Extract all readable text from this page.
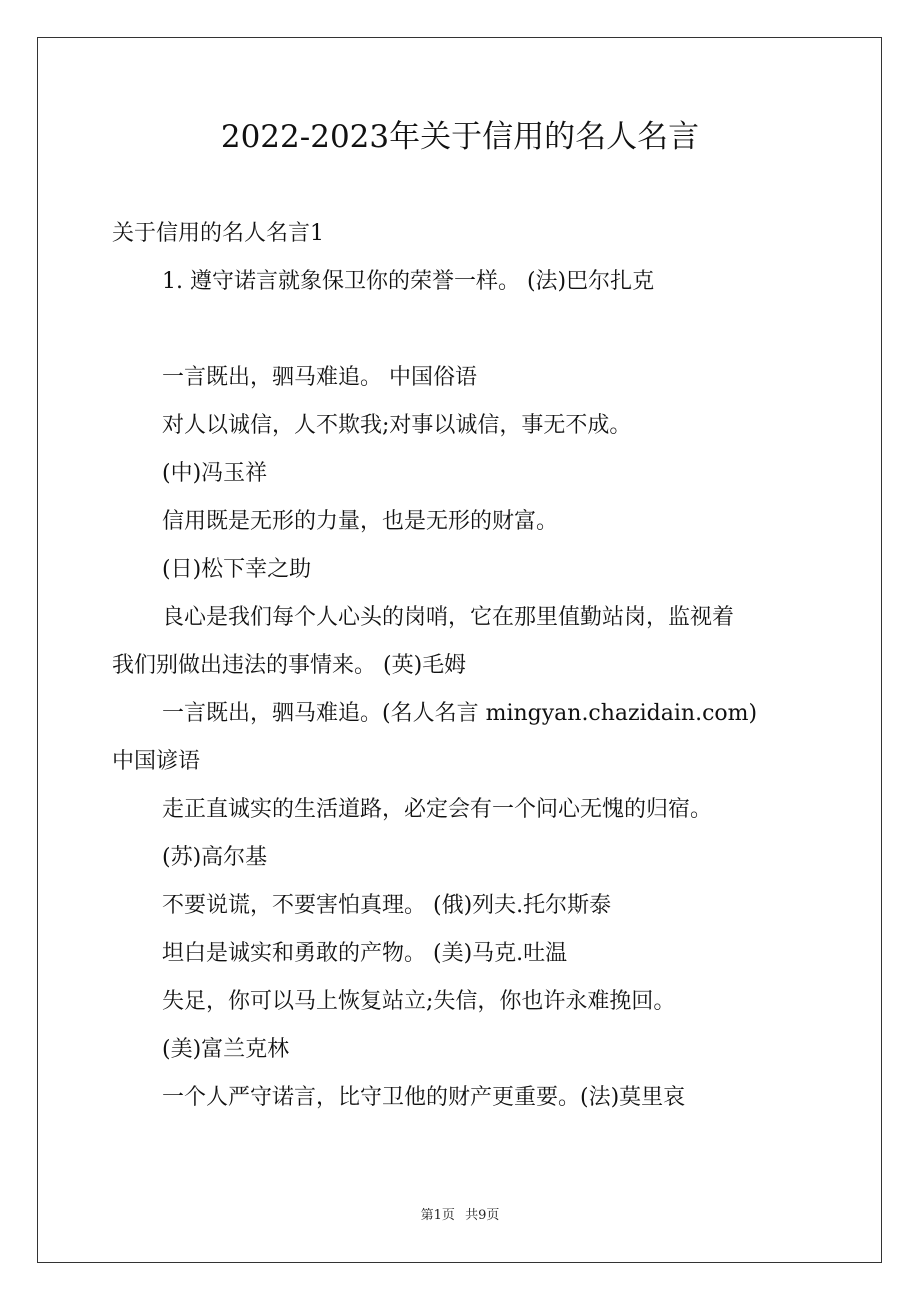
2022-2023年关于信用的名人名言

关于信用的名人名言1

1. 遵守诺言就象保卫你的荣誉一样。 (法)巴尔扎克

一言既出，驷马难追。 中国俗语

对人以诚信，人不欺我;对事以诚信，事无不成。

(中)冯玉祥

信用既是无形的力量，也是无形的财富。

(日)松下幸之助

良心是我们每个人心头的岗哨，它在那里值勤站岗，监视着

我们别做出违法的事情来。 (英)毛姆

一言既出，驷马难追。(名人名言 mingyan.chazidain.com)

中国谚语

走正直诚实的生活道路，必定会有一个问心无愧的归宿。

(苏)高尔基

不要说谎，不要害怕真理。 (俄)列夫.托尔斯泰

坦白是诚实和勇敢的产物。 (美)马克.吐温

失足，你可以马上恢复站立;失信，你也许永难挽回。

(美)富兰克林

一个人严守诺言，比守卫他的财产更重要。(法)莫里哀

第1页 共9页
